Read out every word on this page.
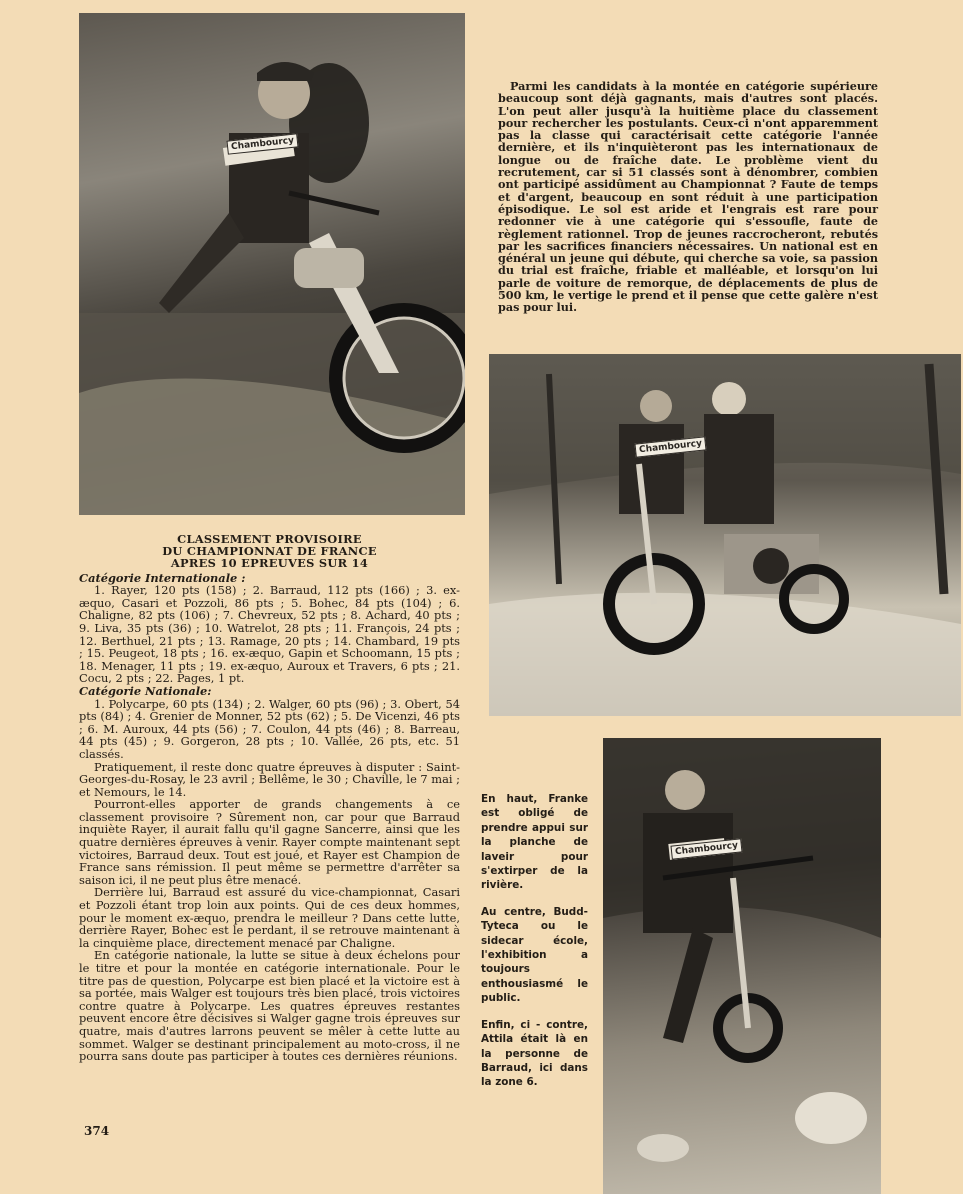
Chambourcy

Parmi les candidats à la montée en catégorie supérieure beaucoup sont déjà gagnants, mais d'autres sont placés. L'on peut aller jusqu'à la huitième place du classement pour rechercher les postulants. Ceux-ci n'ont apparemment pas la classe qui caractérisait cette catégorie l'année dernière, et ils n'inquièteront pas les internationaux de longue ou de fraîche date. Le problème vient du recrutement, car si 51 classés sont à dénombrer, combien ont participé assidûment au Championnat ? Faute de temps et d'argent, beaucoup en sont réduit à une participation épisodique. Le sol est aride et l'engrais est rare pour redonner vie à une catégorie qui s'essoufle, faute de règlement rationnel. Trop de jeunes raccrocheront, rebutés par les sacrifices financiers nécessaires. Un national est en général un jeune qui débute, qui cherche sa voie, sa passion du trial est fraîche, friable et malléable, et lorsqu'on lui parle de voiture de remorque, de déplacements de plus de 500 km, le vertige le prend et il pense que cette galère n'est pas pour lui.

Chambourcy
CLASSEMENT PROVISOIRE
DU CHAMPIONNAT DE FRANCE
APRES 10 EPREUVES SUR 14

Catégorie Internationale :

1. Rayer, 120 pts (158) ; 2. Barraud, 112 pts (166) ; 3. ex-æquo, Casari et Pozzoli, 86 pts ; 5. Bohec, 84 pts (104) ; 6. Chaligne, 82 pts (106) ; 7. Chevreux, 52 pts ; 8. Achard, 40 pts ; 9. Liva, 35 pts (36) ; 10. Watrelot, 28 pts ; 11. François, 24 pts ; 12. Berthuel, 21 pts ; 13. Ramage, 20 pts ; 14. Chambard, 19 pts ; 15. Peugeot, 18 pts ; 16. ex-æquo, Gapin et Schoomann, 15 pts ; 18. Menager, 11 pts ; 19. ex-æquo, Auroux et Travers, 6 pts ; 21. Cocu, 2 pts ; 22. Pages, 1 pt.

Catégorie Nationale:

1. Polycarpe, 60 pts (134) ; 2. Walger, 60 pts (96) ; 3. Obert, 54 pts (84) ; 4. Grenier de Monner, 52 pts (62) ; 5. De Vicenzi, 46 pts ; 6. M. Auroux, 44 pts (56) ; 7. Coulon, 44 pts (46) ; 8. Barreau, 44 pts (45) ; 9. Gorgeron, 28 pts ; 10. Vallée, 26 pts, etc. 51 classés.

Pratiquement, il reste donc quatre épreuves à disputer : Saint-Georges-du-Rosay, le 23 avril ; Bellême, le 30 ; Chaville, le 7 mai ; et Nemours, le 14.

Pourront-elles apporter de grands changements à ce classement provisoire ? Sûrement non, car pour que Barraud inquiète Rayer, il aurait fallu qu'il gagne Sancerre, ainsi que les quatre dernières épreuves à venir. Rayer compte maintenant sept victoires, Barraud deux. Tout est joué, et Rayer est Champion de France sans rémission. Il peut même se permettre d'arrêter sa saison ici, il ne peut plus être menacé.

Derrière lui, Barraud est assuré du vice-championnat, Casari et Pozzoli étant trop loin aux points. Qui de ces deux hommes, pour le moment ex-æquo, prendra le meilleur ? Dans cette lutte, derrière Rayer, Bohec est le perdant, il se retrouve maintenant à la cinquième place, directement menacé par Chaligne.

En catégorie nationale, la lutte se situe à deux échelons pour le titre et pour la montée en catégorie internationale. Pour le titre pas de question, Polycarpe est bien placé et la victoire est à sa portée, mais Walger est toujours très bien placé, trois victoires contre quatre à Polycarpe. Les quatres épreuves restantes peuvent encore être décisives si Walger gagne trois épreuves sur quatre, mais d'autres larrons peuvent se mêler à cette lutte au sommet. Walger se destinant principalement au moto-cross, il ne pourra sans doute pas participer à toutes ces dernières réunions.

En haut, Franke est obligé de prendre appui sur la planche de laveir pour s'extirper de la rivière.

Au centre, Budd-Tyteca ou le sidecar école, l'exhibition a toujours enthousiasmé le public.

Enfin, ci - contre, Attila était là en la personne de Barraud, ici dans la zone 6.

Chambourcy
374
